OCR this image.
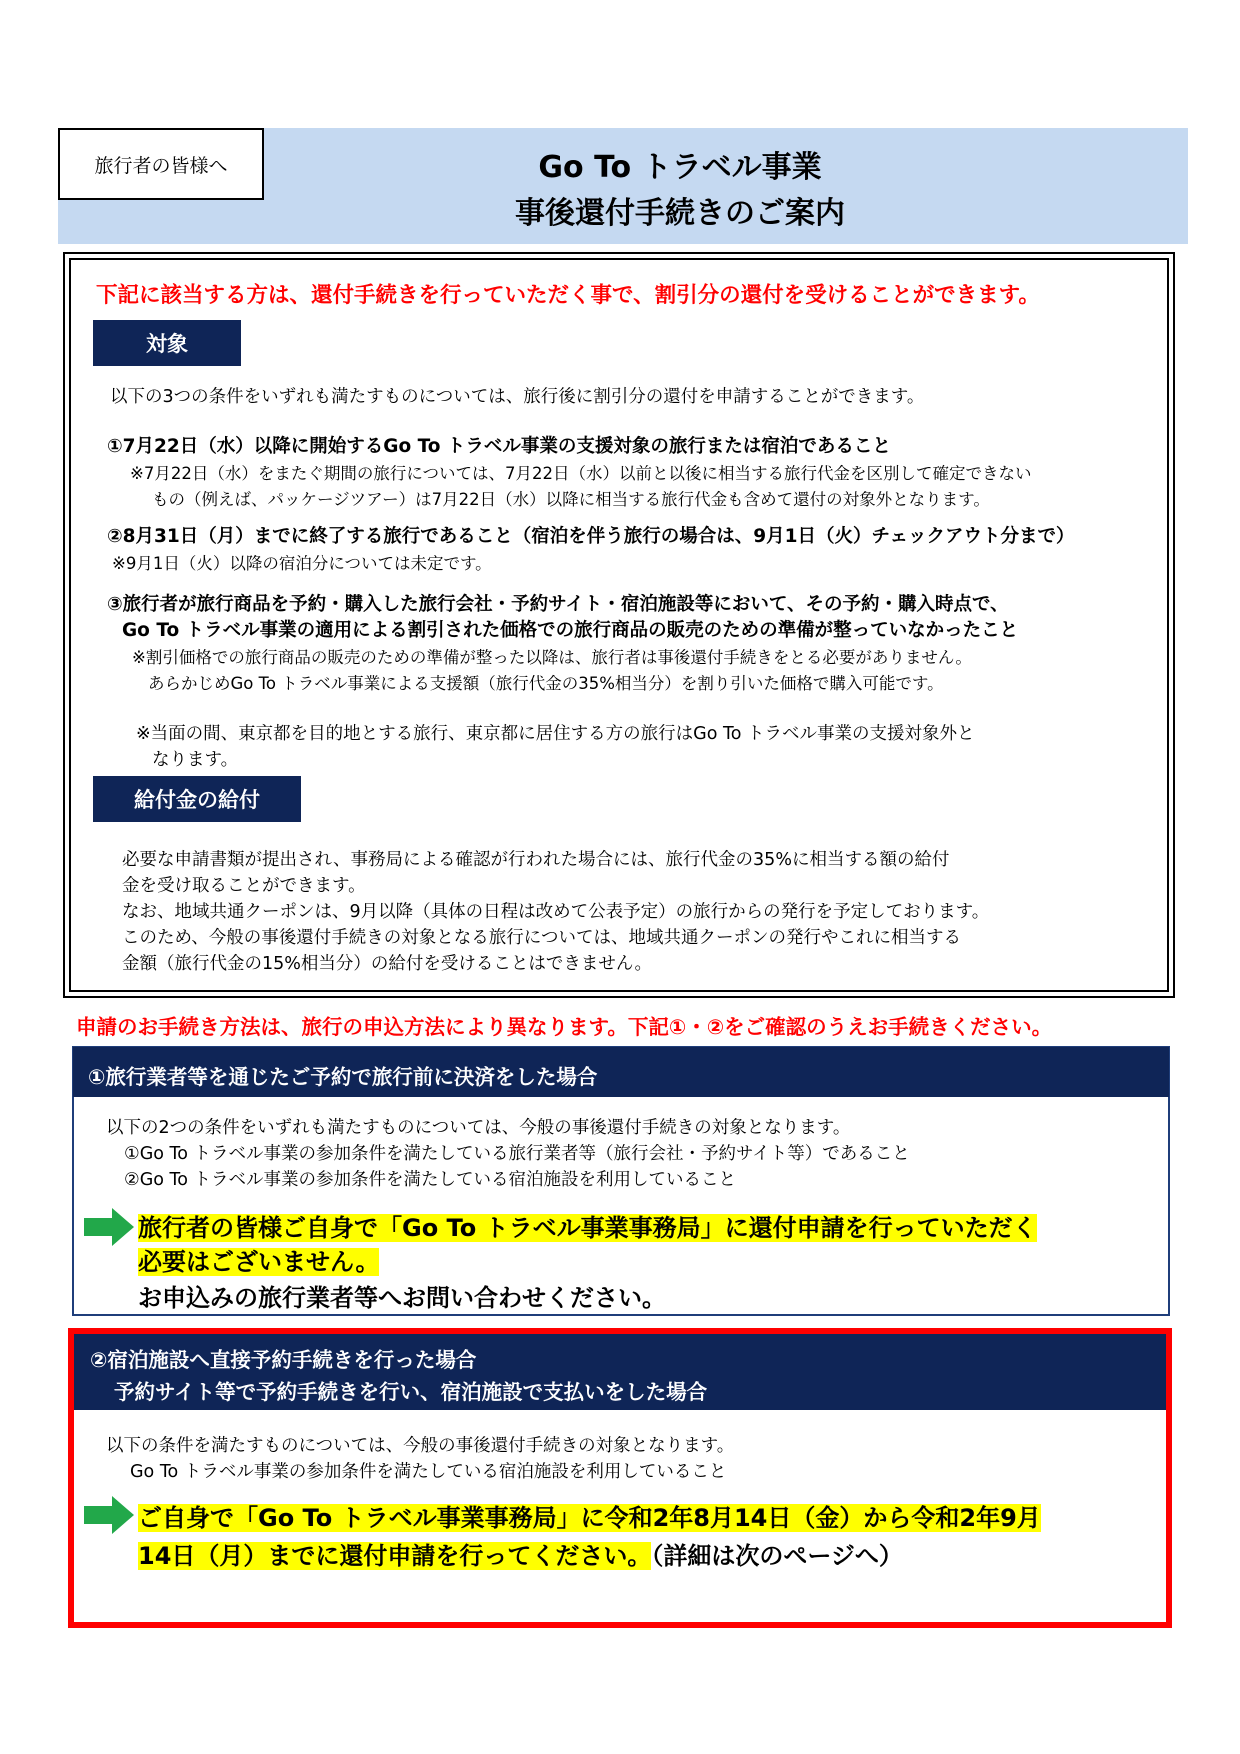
旅行者の皆様へ	Go To トラベル事業
事後還付手続きのご案内
下記に該当する方は、還付手続きを行っていただく事で、割引分の還付を受けることができます。
対象
以下の3つの条件をいずれも満たすものについては、旅行後に割引分の還付を申請することができます。
①7月22日（水）以降に開始するGo To トラベル事業の支援対象の旅行または宿泊であること
※7月22日（水）をまたぐ期間の旅行については、7月22日（水）以前と以後に相当する旅行代金を区別して確定できない
もの（例えば、パッケージツアー）は7月22日（水）以降に相当する旅行代金も含めて還付の対象外となります。
②8月31日（月）までに終了する旅行であること（宿泊を伴う旅行の場合は、9月1日（火）チェックアウト分まで）
※9月1日（火）以降の宿泊分については未定です。
③旅行者が旅行商品を予約・購入した旅行会社・予約サイト・宿泊施設等において、その予約・購入時点で、
Go To トラベル事業の適用による割引された価格での旅行商品の販売のための準備が整っていなかったこと
※割引価格での旅行商品の販売のための準備が整った以降は、旅行者は事後還付手続きをとる必要がありません。
あらかじめGo To トラベル事業による支援額（旅行代金の35%相当分）を割り引いた価格で購入可能です。
※当面の間、東京都を目的地とする旅行、東京都に居住する方の旅行はGo To トラベル事業の支援対象外と
なります。
給付金の給付
必要な申請書類が提出され、事務局による確認が行われた場合には、旅行代金の35%に相当する額の給付
金を受け取ることができます。
なお、地域共通クーポンは、9月以降（具体の日程は改めて公表予定）の旅行からの発行を予定しております。
このため、今般の事後還付手続きの対象となる旅行については、地域共通クーポンの発行やこれに相当する
金額（旅行代金の15%相当分）の給付を受けることはできません。
申請のお手続き方法は、旅行の申込方法により異なります。下記①・②をご確認のうえお手続きください。
①旅行業者等を通じたご予約で旅行前に決済をした場合
以下の2つの条件をいずれも満たすものについては、今般の事後還付手続きの対象となります。
①Go To トラベル事業の参加条件を満たしている旅行業者等（旅行会社・予約サイト等）であること
②Go To トラベル事業の参加条件を満たしている宿泊施設を利用していること
旅行者の皆様ご自身で「Go To トラベル事業事務局」に還付申請を行っていただく
必要はございません。
お申込みの旅行業者等へお問い合わせください。
②宿泊施設へ直接予約手続きを行った場合
予約サイト等で予約手続きを行い、宿泊施設で支払いをした場合
以下の条件を満たすものについては、今般の事後還付手続きの対象となります。
Go To トラベル事業の参加条件を満たしている宿泊施設を利用していること
ご自身で「Go To トラベル事業事務局」に令和2年8月14日（金）から令和2年9月
14日（月）までに還付申請を行ってください。（詳細は次のページへ）
